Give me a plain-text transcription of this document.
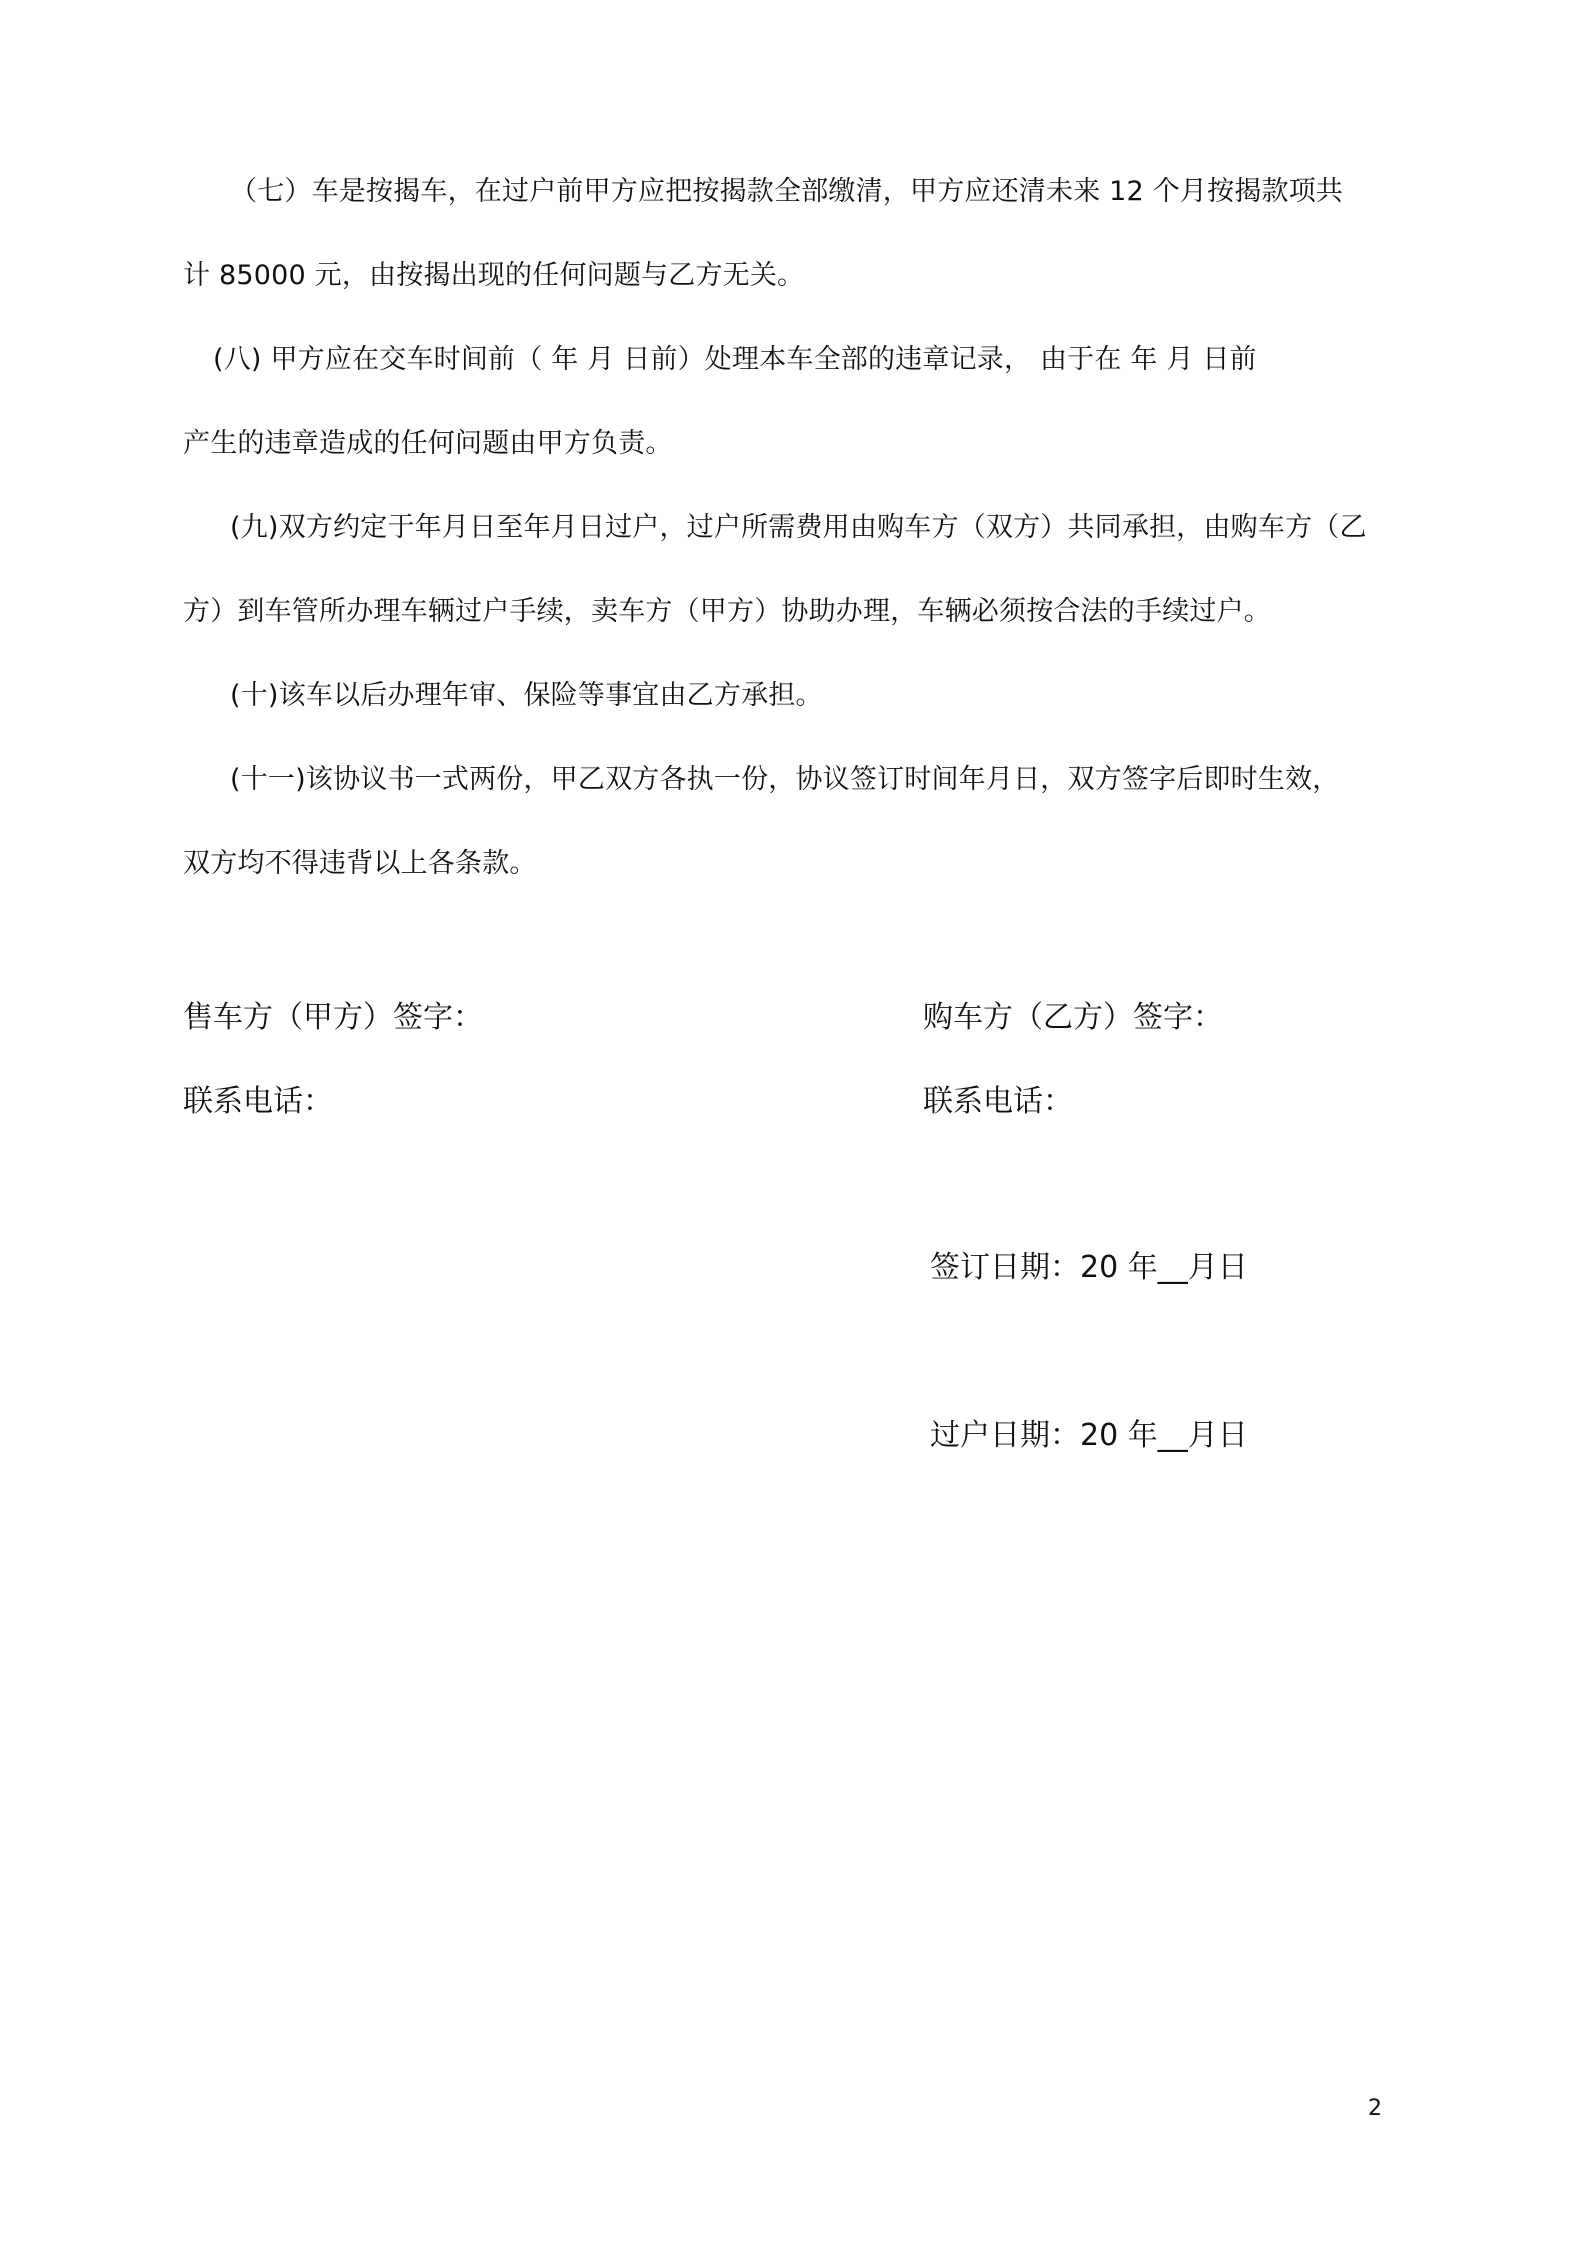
（七）车是按揭车，在过户前甲方应把按揭款全部缴清，甲方应还清未来 12 个月按揭款项共
计 85000 元，由按揭出现的任何问题与乙方无关。
(八) 甲方应在交车时间前（ 年 月 日前）处理本车全部的违章记录， 由于在 年 月 日前
产生的违章造成的任何问题由甲方负责。
(九)双方约定于年月日至年月日过户，过户所需费用由购车方（双方）共同承担，由购车方（乙
方）到车管所办理车辆过户手续，卖车方（甲方）协助办理，车辆必须按合法的手续过户。
(十)该车以后办理年审、保险等事宜由乙方承担。
(十一)该协议书一式两份，甲乙双方各执一份，协议签订时间年月日，双方签字后即时生效，
双方均不得违背以上各条款。
售车方（甲方）签字：	购车方（乙方）签字：
联系电话：	联系电话：
签订日期：20 年__月日
过户日期：20 年__月日
2
